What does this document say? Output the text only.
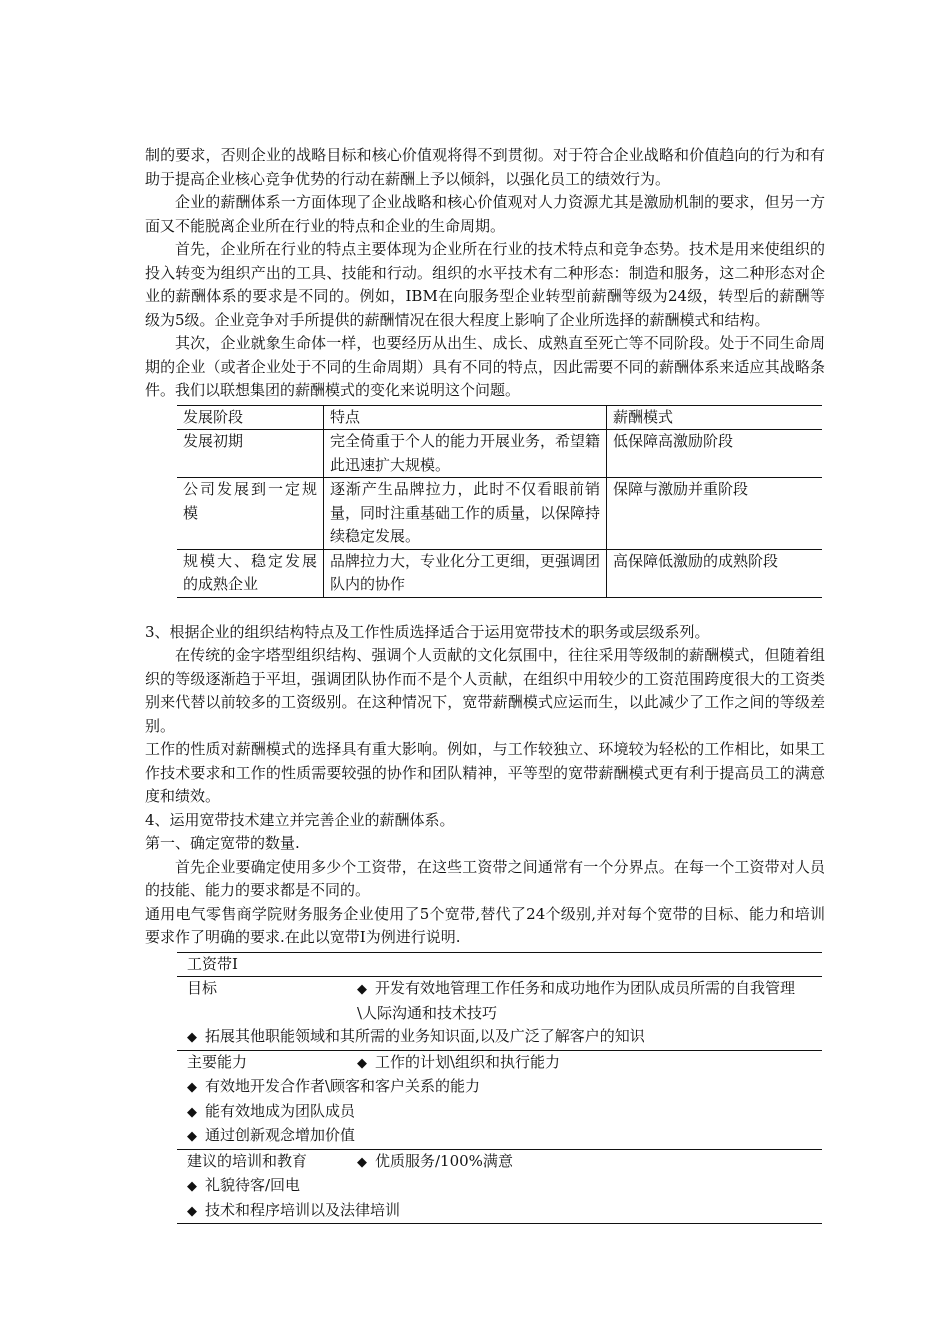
制的要求，否则企业的战略目标和核心价值观将得不到贯彻。对于符合企业战略和价值趋向的行为和有助于提高企业核心竞争优势的行动在薪酬上予以倾斜，以强化员工的绩效行为。

企业的薪酬体系一方面体现了企业战略和核心价值观对人力资源尤其是激励机制的要求，但另一方面又不能脱离企业所在行业的特点和企业的生命周期。

首先，企业所在行业的特点主要体现为企业所在行业的技术特点和竞争态势。技术是用来使组织的投入转变为组织产出的工具、技能和行动。组织的水平技术有二种形态：制造和服务，这二种形态对企业的薪酬体系的要求是不同的。例如，IBM在向服务型企业转型前薪酬等级为24级，转型后的薪酬等级为5级。企业竞争对手所提供的薪酬情况在很大程度上影响了企业所选择的薪酬模式和结构。

其次，企业就象生命体一样，也要经历从出生、成长、成熟直至死亡等不同阶段。处于不同生命周期的企业（或者企业处于不同的生命周期）具有不同的特点，因此需要不同的薪酬体系来适应其战略条件。我们以联想集团的薪酬模式的变化来说明这个问题。

发展阶段	特点	薪酬模式
发展初期	完全倚重于个人的能力开展业务，希望籍此迅速扩大规模。	低保障高激励阶段
公司发展到一定规模	逐渐产生品牌拉力，此时不仅看眼前销量，同时注重基础工作的质量，以保障持续稳定发展。	保障与激励并重阶段
规模大、稳定发展的成熟企业	品牌拉力大，专业化分工更细，更强调团队内的协作	高保障低激励的成熟阶段

3、根据企业的组织结构特点及工作性质选择适合于运用宽带技术的职务或层级系列。

在传统的金字塔型组织结构、强调个人贡献的文化氛围中，往往采用等级制的薪酬模式，但随着组织的等级逐渐趋于平坦，强调团队协作而不是个人贡献，在组织中用较少的工资范围跨度很大的工资类别来代替以前较多的工资级别。在这种情况下，宽带薪酬模式应运而生，以此减少了工作之间的等级差别。

工作的性质对薪酬模式的选择具有重大影响。例如，与工作较独立、环境较为轻松的工作相比，如果工作技术要求和工作的性质需要较强的协作和团队精神，平等型的宽带薪酬模式更有利于提高员工的满意度和绩效。

4、运用宽带技术建立并完善企业的薪酬体系。

第一、确定宽带的数量.

首先企业要确定使用多少个工资带，在这些工资带之间通常有一个分界点。在每一个工资带对人员的技能、能力的要求都是不同的。

通用电气零售商学院财务服务企业使用了5个宽带,替代了24个级别,并对每个宽带的目标、能力和培训要求作了明确的要求.在此以宽带Ⅰ为例进行说明.

工资带Ⅰ
目标	◆ 开发有效地管理工作任务和成功地作为团队成员所需的自我管理\人际沟通和技术技巧
◆ 拓展其他职能领域和其所需的业务知识面,以及广泛了解客户的知识
主要能力	◆ 工作的计划\组织和执行能力
◆ 有效地开发合作者\顾客和客户关系的能力
◆ 能有效地成为团队成员
◆ 通过创新观念增加价值
建议的培训和教育	◆ 优质服务/100%满意
◆ 礼貌待客/回电
◆ 技术和程序培训以及法律培训
